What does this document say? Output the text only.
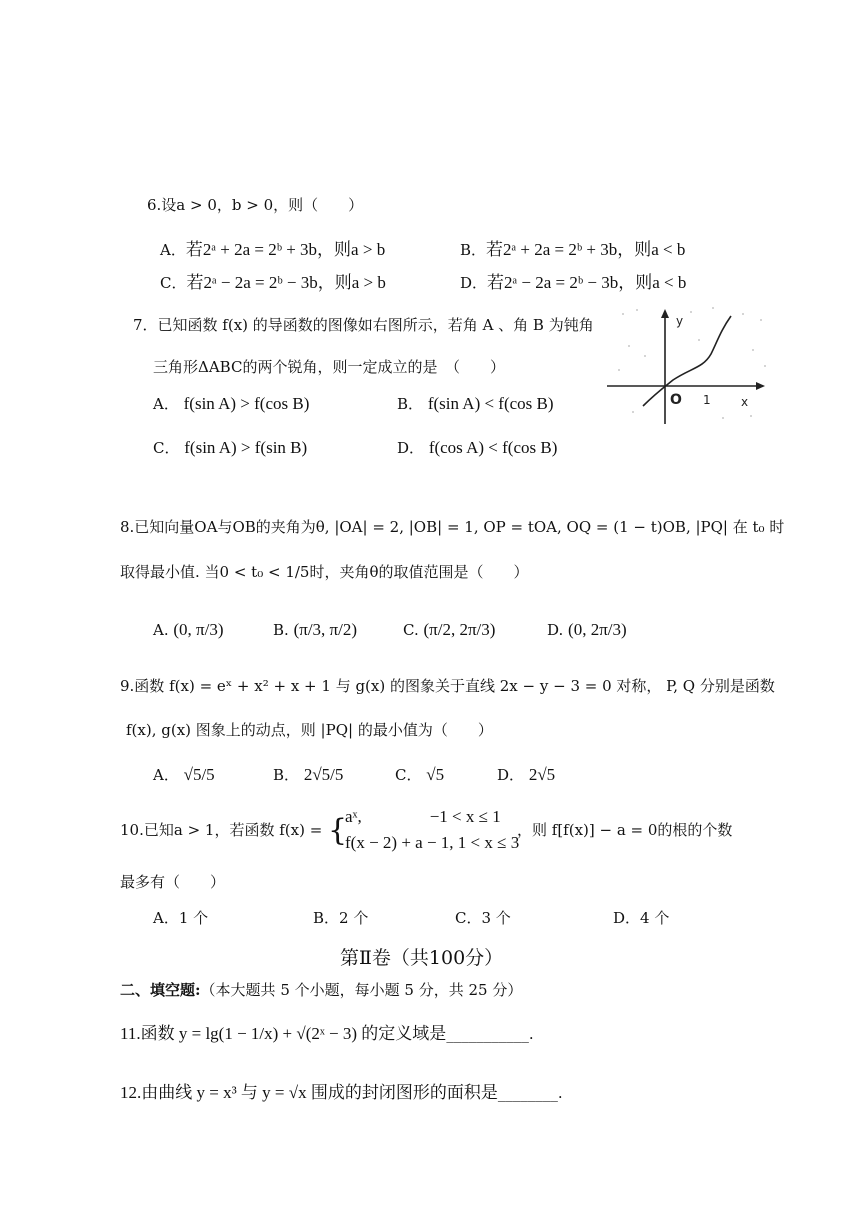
6.设a > 0，b > 0，则（　　）
A．若2ᵃ + 2a = 2ᵇ + 3b，则a > b	B．若2ᵃ + 2a = 2ᵇ + 3b，则a < b
C．若2ᵃ − 2a = 2ᵇ − 3b，则a > b	D．若2ᵃ − 2a = 2ᵇ − 3b，则a < b
7．已知函数 f(x) 的导函数的图像如右图所示，若角 A 、角 B 为钝角
三角形ΔABC的两个锐角，则一定成立的是　（　　）
A． f(sin A) > f(cos B)	B． f(sin A) < f(cos B)
C． f(sin A) > f(sin B)	D． f(cos A) < f(cos B)
y
O 1	x
8.已知向量OA与OB的夹角为θ, |OA| = 2, |OB| = 1, OP = tOA, OQ = (1 − t)OB, |PQ| 在 t₀ 时
取得最小值. 当0 < t₀ < 1/5时，夹角θ的取值范围是（　　）
A. (0, π/3)	B. (π/3, π/2)	C. (π/2, 2π/3)	D. (0, 2π/3)
9.函数 f(x) = eˣ + x² + x + 1 与 g(x) 的图象关于直线 2x − y − 3 = 0 对称， P, Q 分别是函数
f(x), g(x) 图象上的动点，则 |PQ| 的最小值为（　　）
A． √5/5	B． 2√5/5	C． √5	D． 2√5
10.已知a > 1，若函数 f(x) = {
aˣ,　　　　−1 < x ≤ 1
f(x − 2) + a − 1, 1 < x ≤ 3
，则 f[f(x)] − a = 0的根的个数
最多有（　　）
A．1 个	B．2 个	C．3 个	D．4 个
第Ⅱ卷（共100分）
二、填空题:（本大题共 5 个小题，每小题 5 分，共 25 分）
11.函数 y = lg(1 − 1/x) + √(2ˣ − 3) 的定义域是___________.
12.由曲线 y = x³ 与 y = √x 围成的封闭图形的面积是________.
